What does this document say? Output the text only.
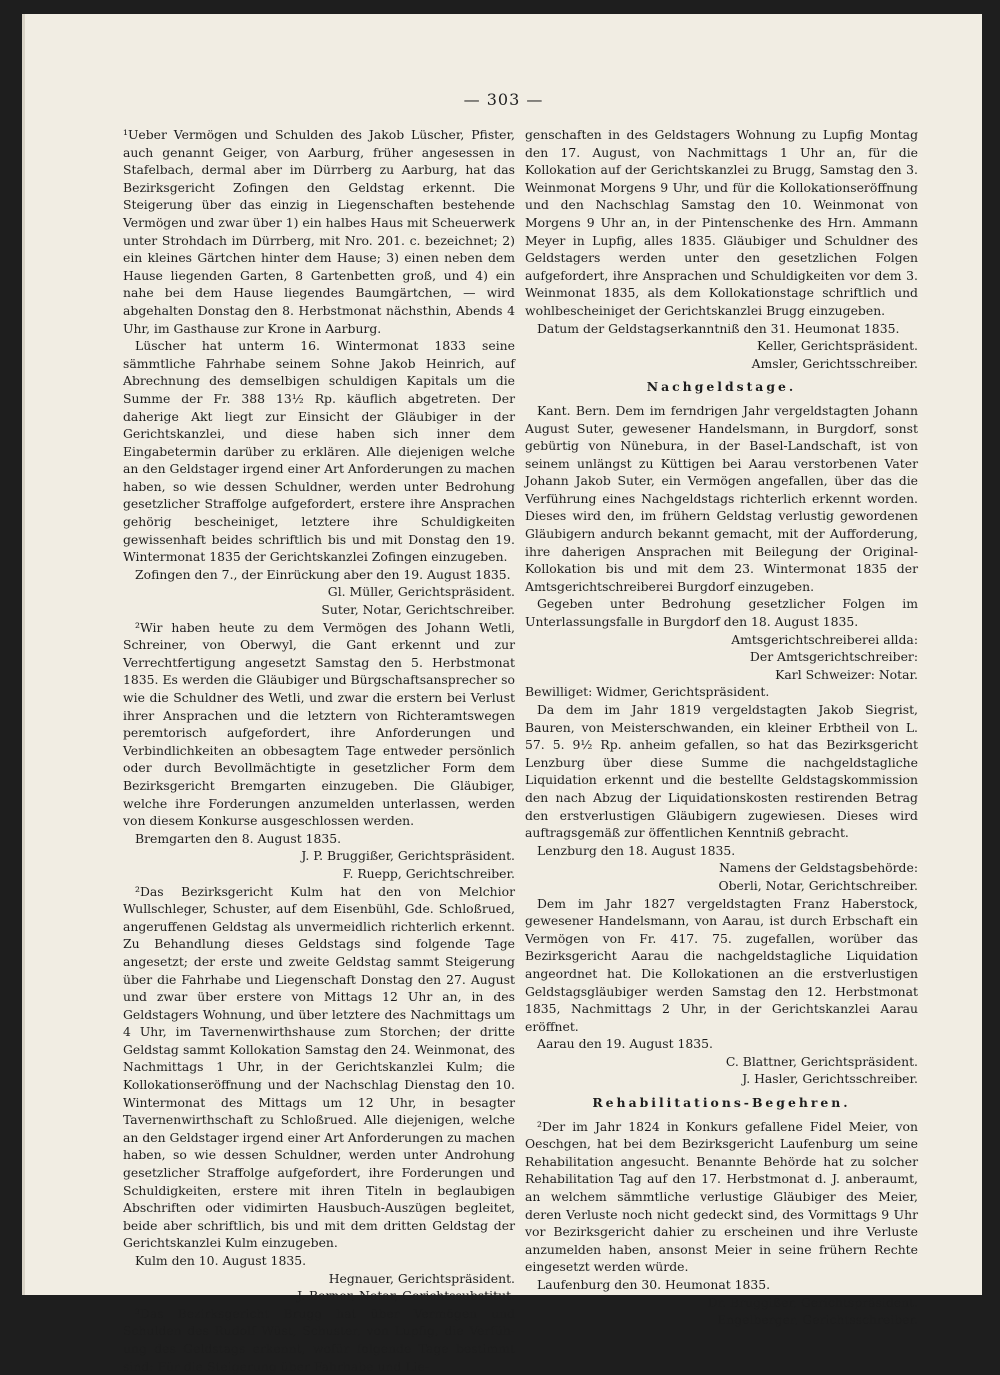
— 303 —

¹Ueber Vermögen und Schulden des Jakob Lüscher, Pfister, auch genannt Geiger, von Aarburg, früher angesessen in Stafelbach, dermal aber im Dürrberg zu Aarburg, hat das Bezirksgericht Zofingen den Geldstag erkennt. Die Steigerung über das einzig in Liegenschaften bestehende Vermögen und zwar über 1) ein halbes Haus mit Scheuerwerk unter Strohdach im Dürrberg, mit Nro. 201. c. bezeichnet; 2) ein kleines Gärtchen hinter dem Hause; 3) einen neben dem Hause liegenden Garten, 8 Gartenbetten groß, und 4) ein nahe bei dem Hause liegendes Baumgärtchen, — wird abgehalten Donstag den 8. Herbstmonat nächsthin, Abends 4 Uhr, im Gasthause zur Krone in Aarburg.

Lüscher hat unterm 16. Wintermonat 1833 seine sämmtliche Fahrhabe seinem Sohne Jakob Heinrich, auf Abrechnung des demselbigen schuldigen Kapitals um die Summe der Fr. 388 13½ Rp. käuflich abgetreten. Der daherige Akt liegt zur Einsicht der Gläubiger in der Gerichtskanzlei, und diese haben sich inner dem Eingabetermin darüber zu erklären. Alle diejenigen welche an den Geldstager irgend einer Art Anforderungen zu machen haben, so wie dessen Schuldner, werden unter Bedrohung gesetzlicher Straffolge aufgefordert, erstere ihre Ansprachen gehörig bescheiniget, letztere ihre Schuldigkeiten gewissenhaft beides schriftlich bis und mit Donstag den 19. Wintermonat 1835 der Gerichtskanzlei Zofingen einzugeben.

Zofingen den 7., der Einrückung aber den 19. August 1835.

Gl. Müller, Gerichtspräsident.

Suter, Notar, Gerichtschreiber.

²Wir haben heute zu dem Vermögen des Johann Wetli, Schreiner, von Oberwyl, die Gant erkennt und zur Verrechtfertigung angesetzt Samstag den 5. Herbstmonat 1835. Es werden die Gläubiger und Bürgschaftsansprecher so wie die Schuldner des Wetli, und zwar die erstern bei Verlust ihrer Ansprachen und die letztern von Richteramtswegen peremtorisch aufgefordert, ihre Anforderungen und Verbindlichkeiten an obbesagtem Tage entweder persönlich oder durch Bevollmächtigte in gesetzlicher Form dem Bezirksgericht Bremgarten einzugeben. Die Gläubiger, welche ihre Forderungen anzumelden unterlassen, werden von diesem Konkurse ausgeschlossen werden.

Bremgarten den 8. August 1835.

J. P. Bruggißer, Gerichtspräsident.

F. Ruepp, Gerichtschreiber.

²Das Bezirksgericht Kulm hat den von Melchior Wullschleger, Schuster, auf dem Eisenbühl, Gde. Schloßrued, angeruffenen Geldstag als unvermeidlich richterlich erkennt. Zu Behandlung dieses Geldstags sind folgende Tage angesetzt; der erste und zweite Geldstag sammt Steigerung über die Fahrhabe und Liegenschaft Donstag den 27. August und zwar über erstere von Mittags 12 Uhr an, in des Geldstagers Wohnung, und über letztere des Nachmittags um 4 Uhr, im Tavernenwirthshause zum Storchen; der dritte Geldstag sammt Kollokation Samstag den 24. Weinmonat, des Nachmittags 1 Uhr, in der Gerichtskanzlei Kulm; die Kollokationseröffnung und der Nachschlag Dienstag den 10. Wintermonat des Mittags um 12 Uhr, in besagter Tavernenwirthschaft zu Schloßrued. Alle diejenigen, welche an den Geldstager irgend einer Art Anforderungen zu machen haben, so wie dessen Schuldner, werden unter Androhung gesetzlicher Straffolge aufgefordert, ihre Forderungen und Schuldigkeiten, erstere mit ihren Titeln in beglaubigen Abschriften oder vidimirten Hausbuch-Auszügen begleitet, beide aber schriftlich, bis und mit dem dritten Geldstag der Gerichtskanzlei Kulm einzugeben.

Kulm den 10. August 1835.

Hegnauer, Gerichtspräsident.

J. Berner, Notar, Gerichtssubstitut.

³Das Bezirksgericht Brugg hat über Vermögen und Schulden des Rudolf Wüst, Schuster, von Lupfig, die Verfüh-ung des Geldstags erkennt, wofür folgende Tage bestimmt sind: Für die Steigerung über Fahrhabe und Lie-

genschaften in des Geldstagers Wohnung zu Lupfig Montag den 17. August, von Nachmittags 1 Uhr an, für die Kollokation auf der Gerichtskanzlei zu Brugg, Samstag den 3. Weinmonat Morgens 9 Uhr, und für die Kollokationseröffnung und den Nachschlag Samstag den 10. Weinmonat von Morgens 9 Uhr an, in der Pintenschenke des Hrn. Ammann Meyer in Lupfig, alles 1835. Gläubiger und Schuldner des Geldstagers werden unter den gesetzlichen Folgen aufgefordert, ihre Ansprachen und Schuldigkeiten vor dem 3. Weinmonat 1835, als dem Kollokationstage schriftlich und wohlbescheiniget der Gerichtskanzlei Brugg einzugeben.

Datum der Geldstagserkanntniß den 31. Heumonat 1835.

Keller, Gerichtspräsident.

Amsler, Gerichtsschreiber.

Nachgeldstage.

Kant. Bern. Dem im ferndrigen Jahr vergeldstagten Johann August Suter, gewesener Handelsmann, in Burgdorf, sonst gebürtig von Nünebura, in der Basel-Landschaft, ist von seinem unlängst zu Küttigen bei Aarau verstorbenen Vater Johann Jakob Suter, ein Vermögen angefallen, über das die Verführung eines Nachgeldstags richterlich erkennt worden. Dieses wird den, im frühern Geldstag verlustig gewordenen Gläubigern andurch bekannt gemacht, mit der Aufforderung, ihre daherigen Ansprachen mit Beilegung der Original-Kollokation bis und mit dem 23. Wintermonat 1835 der Amtsgerichtschreiberei Burgdorf einzugeben.

Gegeben unter Bedrohung gesetzlicher Folgen im Unterlassungsfalle in Burgdorf den 18. August 1835.

Amtsgerichtschreiberei allda:

Der Amtsgerichtschreiber:

Karl Schweizer: Notar.

Bewilliget: Widmer, Gerichtspräsident.

Da dem im Jahr 1819 vergeldstagten Jakob Siegrist, Bauren, von Meisterschwanden, ein kleiner Erbtheil von L. 57. 5. 9½ Rp. anheim gefallen, so hat das Bezirksgericht Lenzburg über diese Summe die nachgeldstagliche Liquidation erkennt und die bestellte Geldstagskommission den nach Abzug der Liquidationskosten restirenden Betrag den erstverlustigen Gläubigern zugewiesen. Dieses wird auftragsgemäß zur öffentlichen Kenntniß gebracht.

Lenzburg den 18. August 1835.

Namens der Geldstagsbehörde:

Oberli, Notar, Gerichtschreiber.

Dem im Jahr 1827 vergeldstagten Franz Haberstock, gewesener Handelsmann, von Aarau, ist durch Erbschaft ein Vermögen von Fr. 417. 75. zugefallen, worüber das Bezirksgericht Aarau die nachgeldstagliche Liquidation angeordnet hat. Die Kollokationen an die erstverlustigen Geldstagsgläubiger werden Samstag den 12. Herbstmonat 1835, Nachmittags 2 Uhr, in der Gerichtskanzlei Aarau eröffnet.

Aarau den 19. August 1835.

C. Blattner, Gerichtspräsident.

J. Hasler, Gerichtsschreiber.

Rehabilitations-Begehren.

²Der im Jahr 1824 in Konkurs gefallene Fidel Meier, von Oeschgen, hat bei dem Bezirksgericht Laufenburg um seine Rehabilitation angesucht. Benannte Behörde hat zu solcher Rehabilitation Tag auf den 17. Herbstmonat d. J. anberaumt, an welchem sämmtliche verlustige Gläubiger des Meier, deren Verluste noch nicht gedeckt sind, des Vormittags 9 Uhr vor Bezirksgericht dahier zu erscheinen und ihre Verluste anzumelden haben, ansonst Meier in seine frühern Rechte eingesetzt werden würde.

Laufenburg den 30. Heumonat 1835.

Dr. Bruggißer, Gerichtspräsident.

Engelberger, Gerichtsschreiber.
